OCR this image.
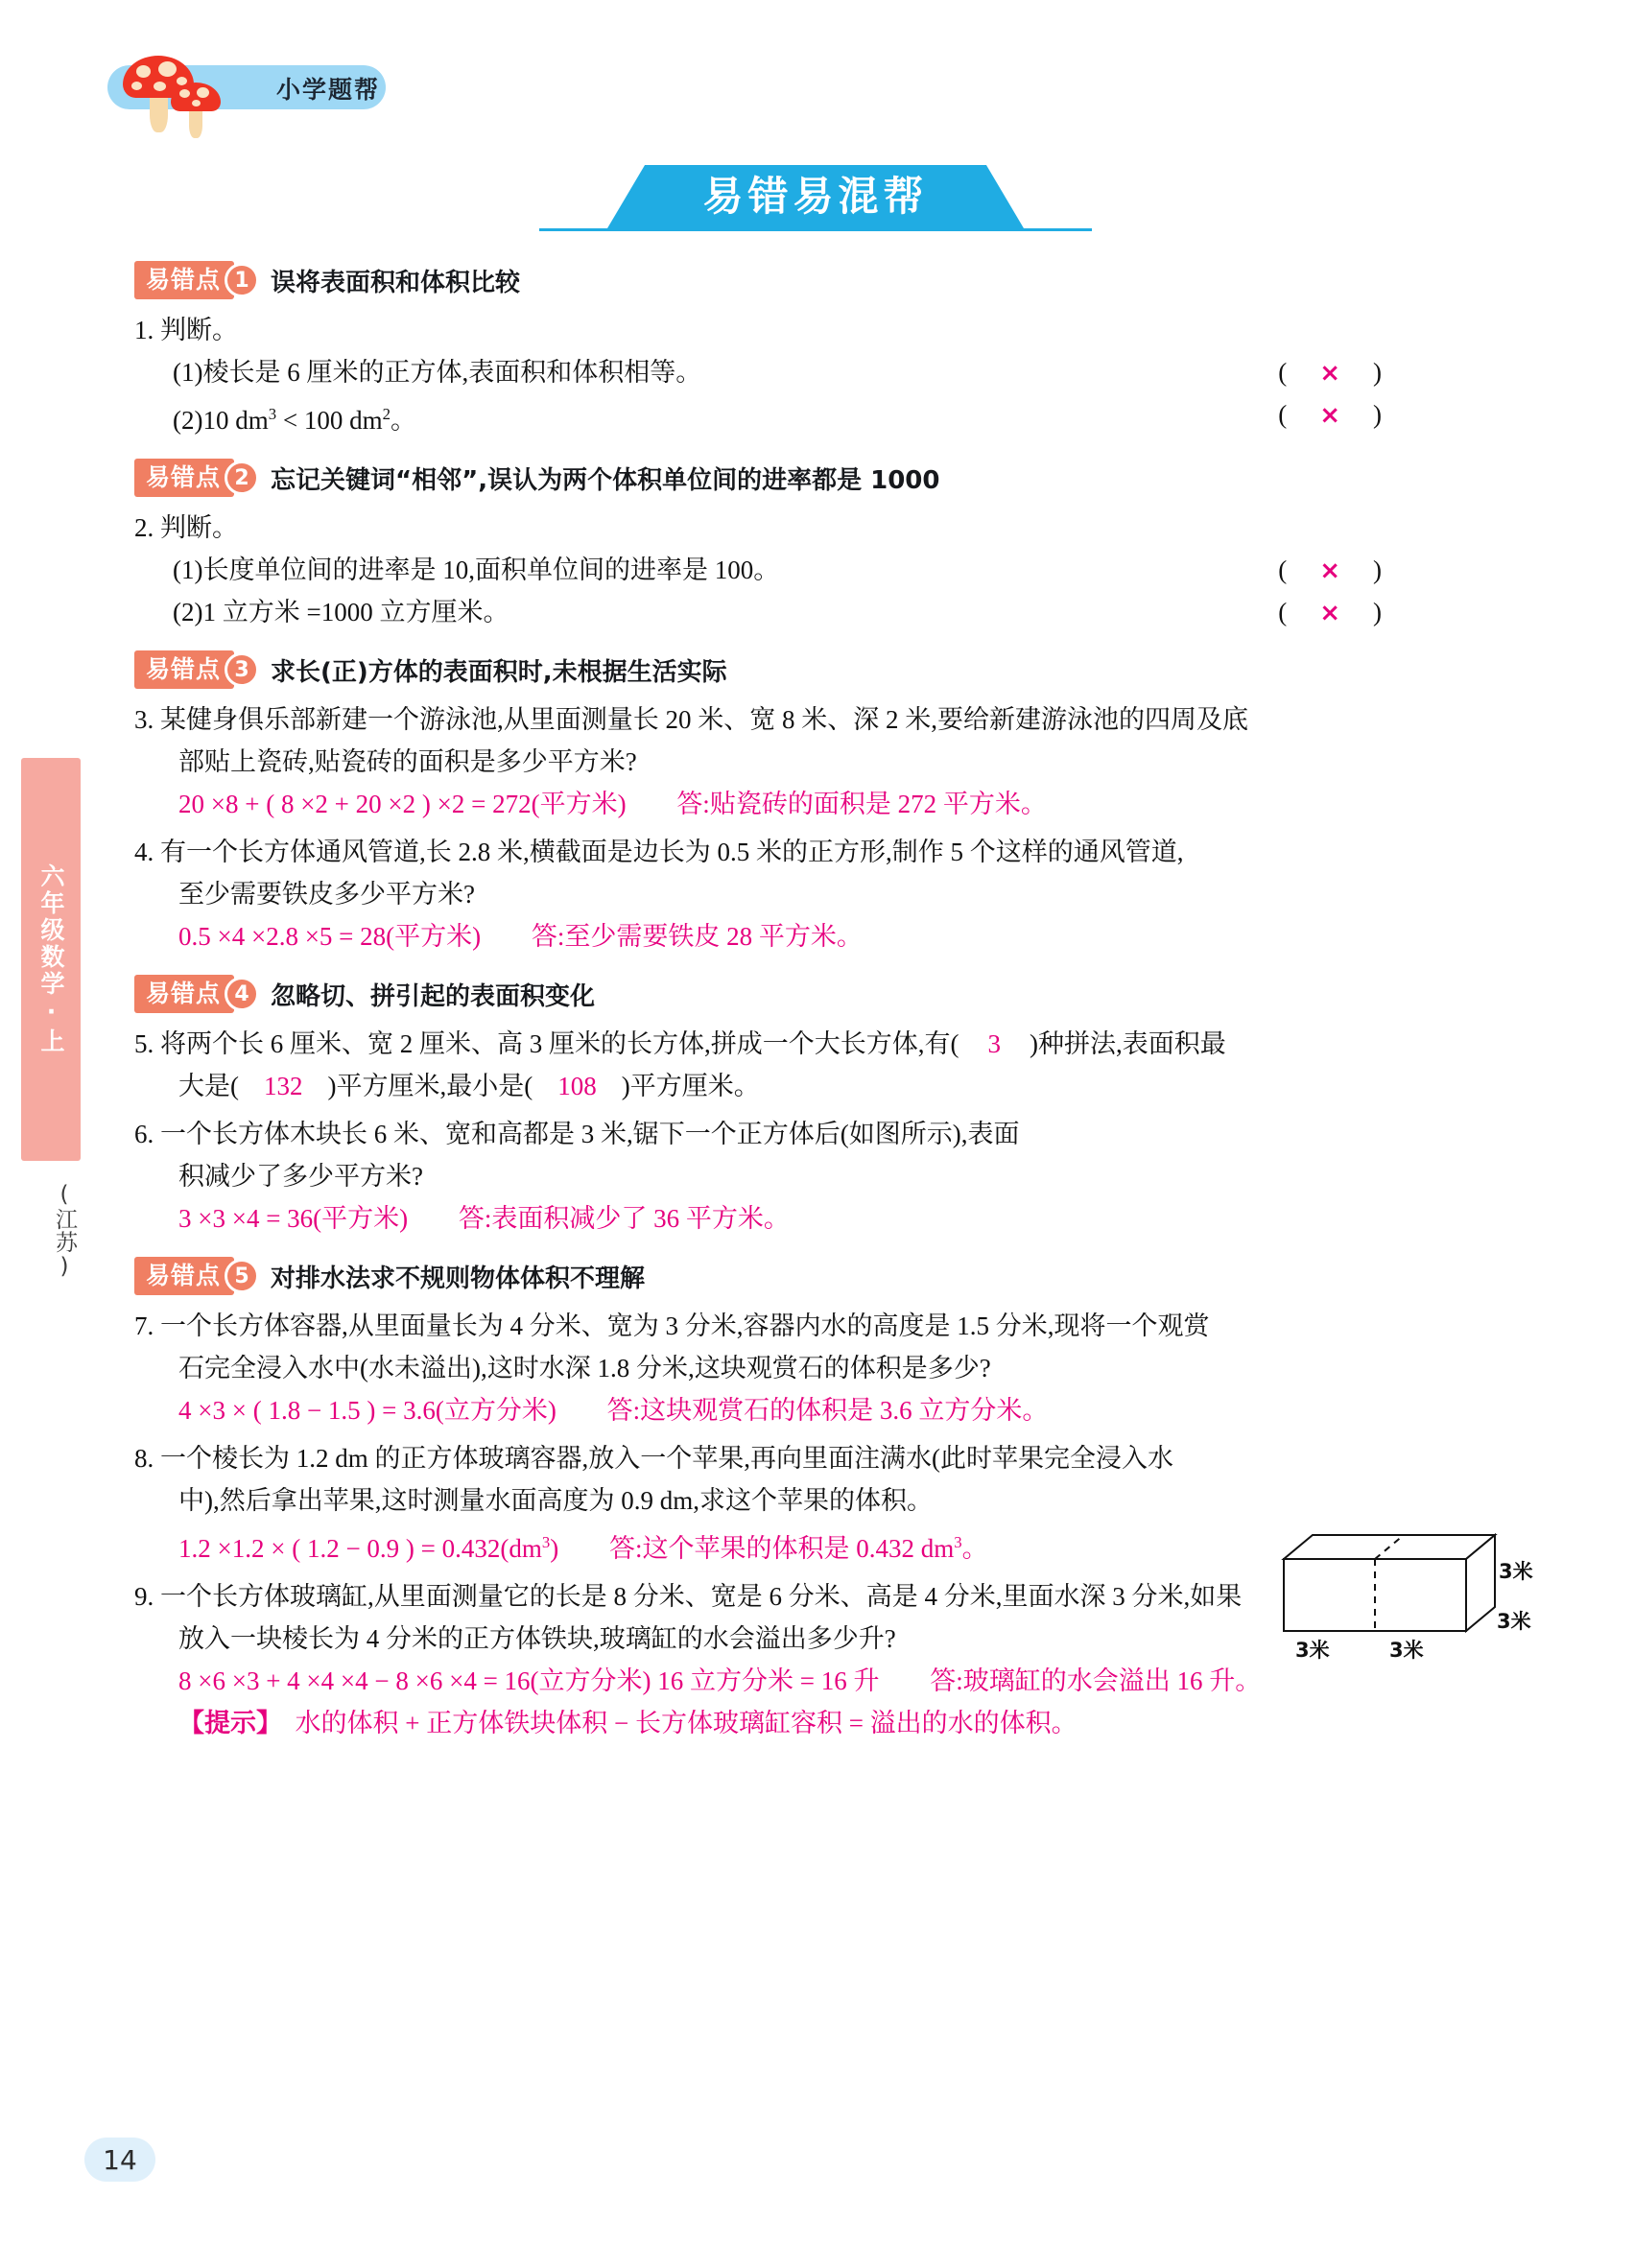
小学题帮
易错易混帮
六年级数学·上
(江苏)
易错点 1 误将表面积和体积比较
1. 判断。
(1)棱长是 6 厘米的正方体,表面积和体积相等。
(2)10 $dm^3 < 100$ $dm^2$。
( × )
( × )
易错点 2 忘记关键词“相邻”,误认为两个体积单位间的进率都是 1000
2. 判断。
(1)长度单位间的进率是 10,面积单位间的进率是 100。
(2)1 立方米 =1000 立方厘米。
( × )
( × )
易错点 3 求长(正)方体的表面积时,未根据生活实际
3. 某健身俱乐部新建一个游泳池,从里面测量长 20 米、宽 8 米、深 2 米,要给新建游泳池的四周及底
部贴上瓷砖,贴瓷砖的面积是多少平方米?
20 ×8 + ( 8 ×2 + 20 ×2 ) ×2 = 272(平方米) 答:贴瓷砖的面积是 272 平方米。
4. 有一个长方体通风管道,长 2.8 米,横截面是边长为 0.5 米的正方形,制作 5 个这样的通风管道,
至少需要铁皮多少平方米?
0.5 ×4 ×2.8 ×5 = 28(平方米) 答:至少需要铁皮 28 平方米。
易错点 4 忽略切、拼引起的表面积变化
5. 将两个长 6 厘米、宽 2 厘米、高 3 厘米的长方体,拼成一个大长方体,有( 3 )种拼法,表面积最
大是( 132 )平方厘米,最小是( 108 )平方厘米。
6. 一个长方体木块长 6 米、宽和高都是 3 米,锯下一个正方体后(如图所示),表面
积减少了多少平方米?
3 ×3 ×4 = 36(平方米) 答:表面积减少了 36 平方米。
易错点 5 对排水法求不规则物体体积不理解
7. 一个长方体容器,从里面量长为 4 分米、宽为 3 分米,容器内水的高度是 1.5 分米,现将一个观赏
石完全浸入水中(水未溢出),这时水深 1.8 分米,这块观赏石的体积是多少?
4 ×3 × ( 1.8 − 1.5 ) = 3.6(立方分米) 答:这块观赏石的体积是 3.6 立方分米。
8. 一个棱长为 1.2 dm 的正方体玻璃容器,放入一个苹果,再向里面注满水(此时苹果完全浸入水
中),然后拿出苹果,这时测量水面高度为 0.9 dm,求这个苹果的体积。
1.2 ×1.2 × ( 1.2 − 0.9 ) = $0.432(dm^3)$ 答:这个苹果的体积是 0.432 $dm^3$。
9. 一个长方体玻璃缸,从里面测量它的长是 8 分米、宽是 6 分米、高是 4 分米,里面水深 3 分米,如果
放入一块棱长为 4 分米的正方体铁块,玻璃缸的水会溢出多少升?
8 ×6 ×3 + 4 ×4 ×4 − 8 ×6 ×4 = 16(立方分米) 16 立方分米 = 16 升 答:玻璃缸的水会溢出 16 升。 【提示】 水的体积 + 正方体铁块体积 − 长方体玻璃缸容积 = 溢出的水的体积。
3米	3米
3米
3米
14
